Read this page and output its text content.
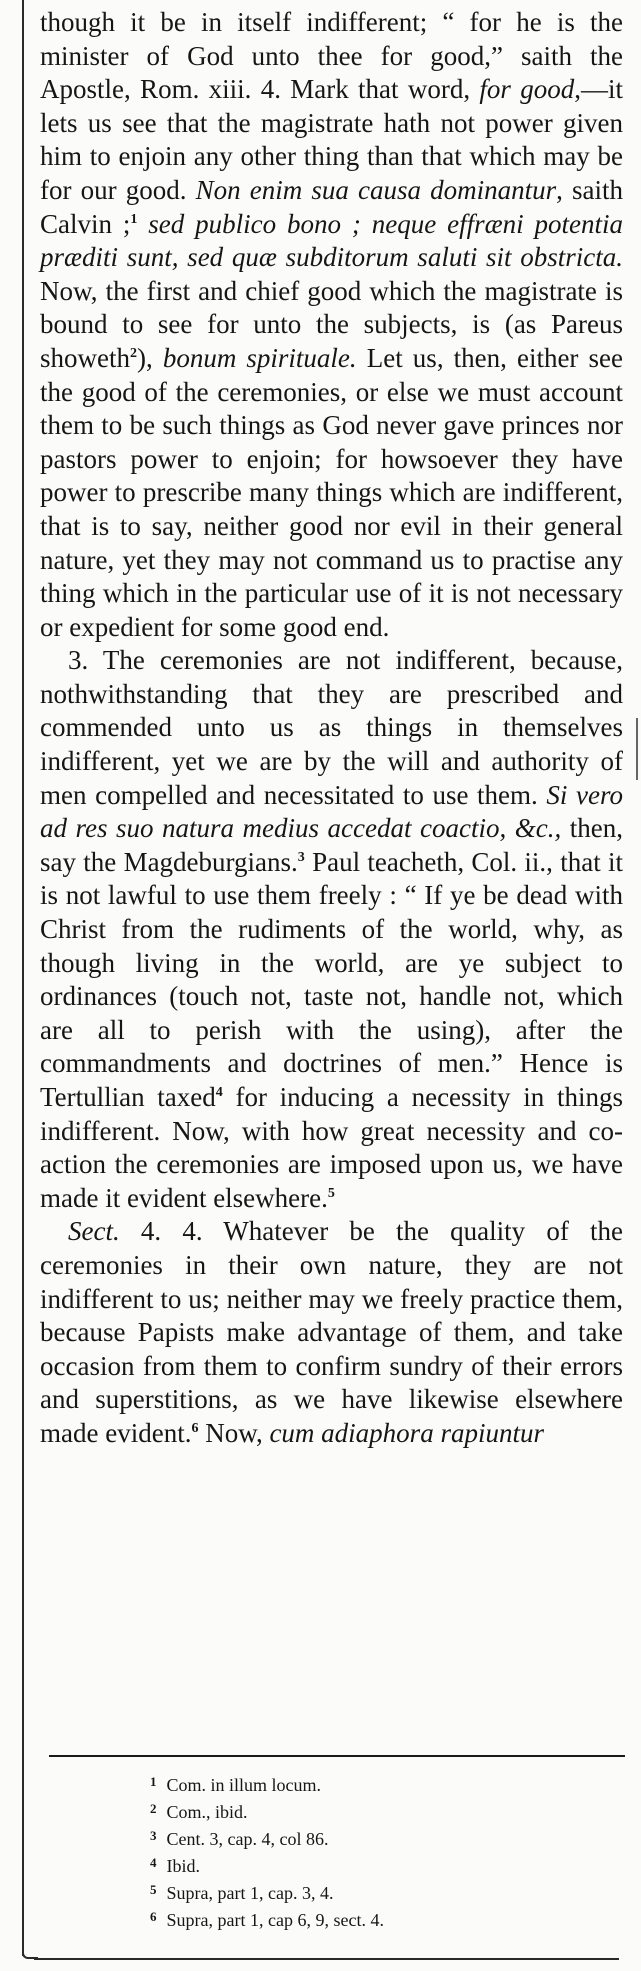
though it be in itself indifferent; “ for he is the minister of God unto thee for good,” saith the Apostle, Rom. xiii. 4. Mark that word, for good,—it lets us see that the magistrate hath not power given him to enjoin any other thing than that which may be for our good. Non enim sua causa dominantur, saith Calvin ;$^1$ sed publico bono ; neque effræni potentia præditi sunt, sed quæ subditorum saluti sit obstricta. Now, the first and chief good which the magistrate is bound to see for unto the subjects, is (as Pareus showeth$^2$), bonum spirituale. Let us, then, either see the good of the ceremonies, or else we must account them to be such things as God never gave princes nor pastors power to enjoin; for howsoever they have power to prescribe many things which are indifferent, that is to say, neither good nor evil in their general nature, yet they may not command us to practise any thing which in the particular use of it is not necessary or expedient for some good end.

3. The ceremonies are not indifferent, because, nothwithstanding that they are prescribed and commended unto us as things in themselves indifferent, yet we are by the will and authority of men compelled and necessitated to use them. Si vero ad res suo natura medius accedat coactio, &c., then, say the Magdeburgians.$^3$ Paul teacheth, Col. ii., that it is not lawful to use them freely : “ If ye be dead with Christ from the rudiments of the world, why, as though living in the world, are ye subject to ordinances (touch not, taste not, handle not, which are all to perish with the using), after the commandments and doctrines of men.” Hence is Tertullian taxed$^4$ for inducing a necessity in things indifferent. Now, with how great necessity and co-action the ceremonies are imposed upon us, we have made it evident elsewhere.$^5$

Sect. 4. 4. Whatever be the quality of the ceremonies in their own nature, they are not indifferent to us; neither may we freely practice them, because Papists make advantage of them, and take occasion from them to confirm sundry of their errors and superstitions, as we have likewise elsewhere made evident.$^6$ Now, cum adiaphora rapiuntur

1 Com. in illum locum.

2 Com., ibid.

3 Cent. 3, cap. 4, col 86.

4 Ibid.

5 Supra, part 1, cap. 3, 4.

6 Supra, part 1, cap 6, 9, sect. 4.
